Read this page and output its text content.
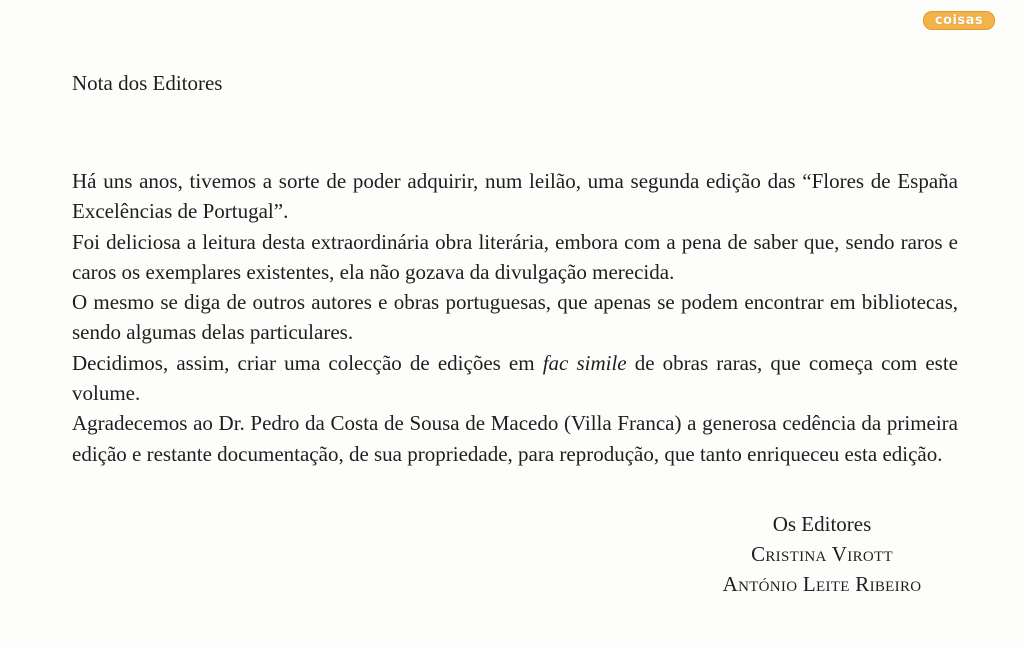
coisas
Nota dos Editores

Há uns anos, tivemos a sorte de poder adquirir, num leilão, uma segunda edição das “Flores de España Excelências de Portugal”.

Foi deliciosa a leitura desta extraordinária obra literária, embora com a pena de saber que, sendo raros e caros os exemplares existentes, ela não gozava da divulgação merecida.

O mesmo se diga de outros autores e obras portuguesas, que apenas se podem encontrar em bibliotecas, sendo algumas delas particulares.

Decidimos, assim, criar uma colecção de edições em fac simile de obras raras, que começa com este volume.

Agradecemos ao Dr. Pedro da Costa de Sousa de Macedo (Villa Franca) a generosa cedência da primeira edição e restante documentação, de sua propriedade, para reprodução, que tanto enriqueceu esta edição.

Os Editores
Cristina Virott
António Leite Ribeiro
